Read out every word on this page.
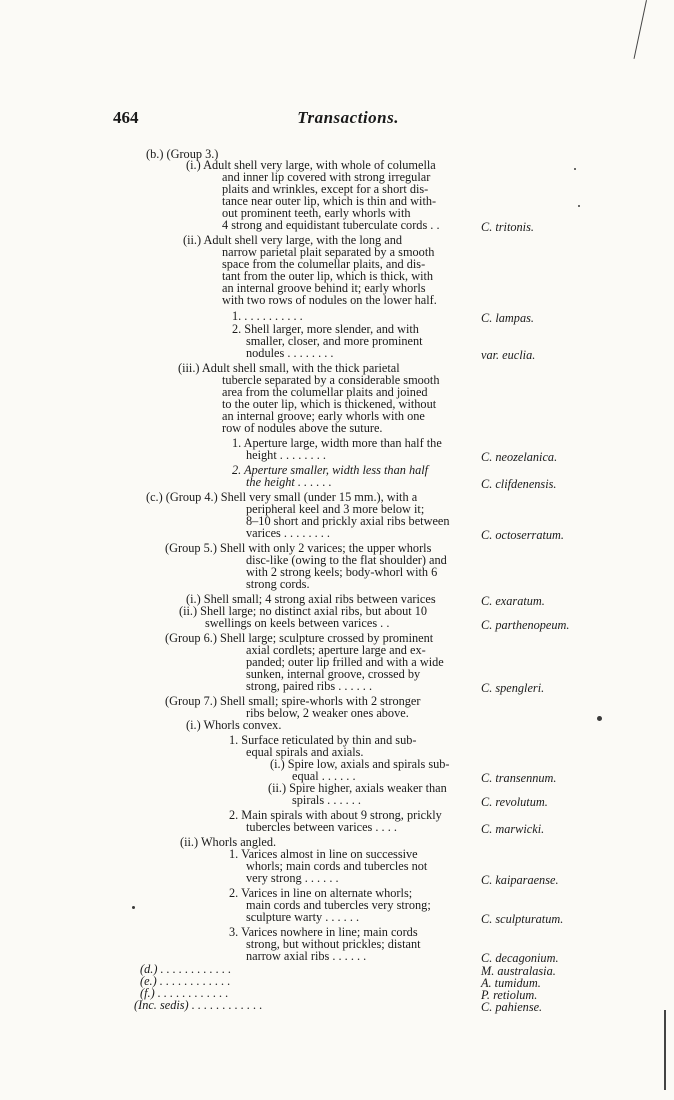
464	Transactions.
(b.) (Group 3.)
(i.) Adult shell very large, with whole of columella
and inner lip covered with strong irregular
plaits and wrinkles, except for a short dis-
tance near outer lip, which is thin and with-
out prominent teeth, early whorls with
4 strong and equidistant tuberculate cords . .
(ii.) Adult shell very large, with the long and
narrow parietal plait separated by a smooth
space from the columellar plaits, and dis-
tant from the outer lip, which is thick, with
an internal groove behind it; early whorls
with two rows of nodules on the lower half.
1. . . . . . . . . . .
2. Shell larger, more slender, and with
smaller, closer, and more prominent
nodules . . . . . . . .
(iii.) Adult shell small, with the thick parietal
tubercle separated by a considerable smooth
area from the columellar plaits and joined
to the outer lip, which is thickened, without
an internal groove; early whorls with one
row of nodules above the suture.
1. Aperture large, width more than half the
height . . . . . . . .
2. Aperture smaller, width less than half
the height . . . . . .
(c.) (Group 4.) Shell very small (under 15 mm.), with a
peripheral keel and 3 more below it;
8–10 short and prickly axial ribs between
varices . . . . . . . .
(Group 5.) Shell with only 2 varices; the upper whorls
disc-like (owing to the flat shoulder) and
with 2 strong keels; body-whorl with 6
strong cords.
(i.) Shell small; 4 strong axial ribs between varices
(ii.) Shell large; no distinct axial ribs, but about 10
swellings on keels between varices . .
(Group 6.) Shell large; sculpture crossed by prominent
axial cordlets; aperture large and ex-
panded; outer lip frilled and with a wide
sunken, internal groove, crossed by
strong, paired ribs . . . . . .
(Group 7.) Shell small; spire-whorls with 2 stronger
ribs below, 2 weaker ones above.
(i.) Whorls convex.
1. Surface reticulated by thin and sub-
equal spirals and axials.
(i.) Spire low, axials and spirals sub-
equal . . . . . .
(ii.) Spire higher, axials weaker than
spirals . . . . . .
2. Main spirals with about 9 strong, prickly
tubercles between varices . . . .
(ii.) Whorls angled.
1. Varices almost in line on successive
whorls; main cords and tubercles not
very strong . . . . . .
2. Varices in line on alternate whorls;
main cords and tubercles very strong;
sculpture warty . . . . . .
3. Varices nowhere in line; main cords
strong, but without prickles; distant
narrow axial ribs . . . . . .
(d.) . . . . . . . . . . . .
(e.) . . . . . . . . . . . .
(f.) . . . . . . . . . . . .
(Inc. sedis) . . . . . . . . . . . .
C. tritonis.
C. lampas.
var. euclia.
C. neozelanica.
C. clifdenensis.
C. octoserratum.
C. exaratum.
C. parthenopeum.
C. spengleri.
C. transennum.
C. revolutum.
C. marwicki.
C. kaiparaense.
C. sculpturatum.
C. decagonium.
M. australasia.
A. tumidum.
P. retiolum.
C. pahiense.
